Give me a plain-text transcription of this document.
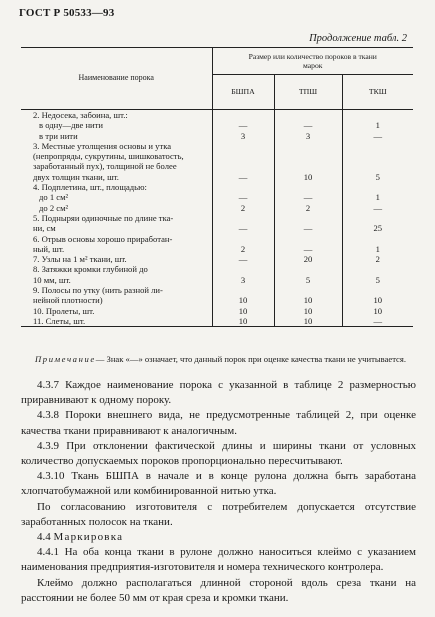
ГОСТ Р 50533—93
Продолжение табл. 2
Наименование порока	Размер или количество пороков в ткани марок		
	БШПА	ТПШ	ТКШ
2. Недосека, забоина, шт.:			
в одну—две нити	—	—	1
в три нити	3	3	—
3. Местные утолщения основы и утка			
(непропряды, сукрутины, шишковатость,			
заработанный пух), толщиной не более			
двух толщин ткани, шт.	—	10	5
4. Подплетина, шт., площадью:			
до 1 см²	—	—	1
до 2 см²	2	2	—
5. Подныряи одиночные по длине тка-			
ни, см	—	—	25
6. Отрыв основы хорошо приработан-			
ный, шт.	2	—	1
7. Узлы на 1 м² ткани, шт.	—	20	2
8. Затяжки кромки глубиной до			
10 мм, шт.	3	5	5
9. Полосы по утку (нить разной ли-			
нейной плотности)	10	10	10
10. Пролеты, шт.	10	10	10
11. Слеты, шт.	10	10	—
Примечание— Знак «—» означает, что данный порок при оценке качества ткани не учитывается.

4.3.7 Каждое наименование порока с указанной в таблице 2 размерностью приравнивают к одному пороку.

4.3.8 Пороки внешнего вида, не предусмотренные таблицей 2, при оценке качества ткани приравнивают к аналогичным.

4.3.9 При отклонении фактической длины и ширины ткани от условных количество допускаемых пороков пропорционально пересчитывают.

4.3.10 Ткань БШПА в начале и в конце рулона должна быть заработана хлопчатобумажной или комбинированной нитью утка.

По согласованию изготовителя с потребителем допускается отсутствие заработанных полосок на ткани.

4.4 Маркировка

4.4.1 На оба конца ткани в рулоне должно наноситься клеймо с указанием наименования предприятия-изготовителя и номера технического контролера.

Клеймо должно располагаться длинной стороной вдоль среза ткани на расстоянии не более 50 мм от края среза и кромки ткани.
